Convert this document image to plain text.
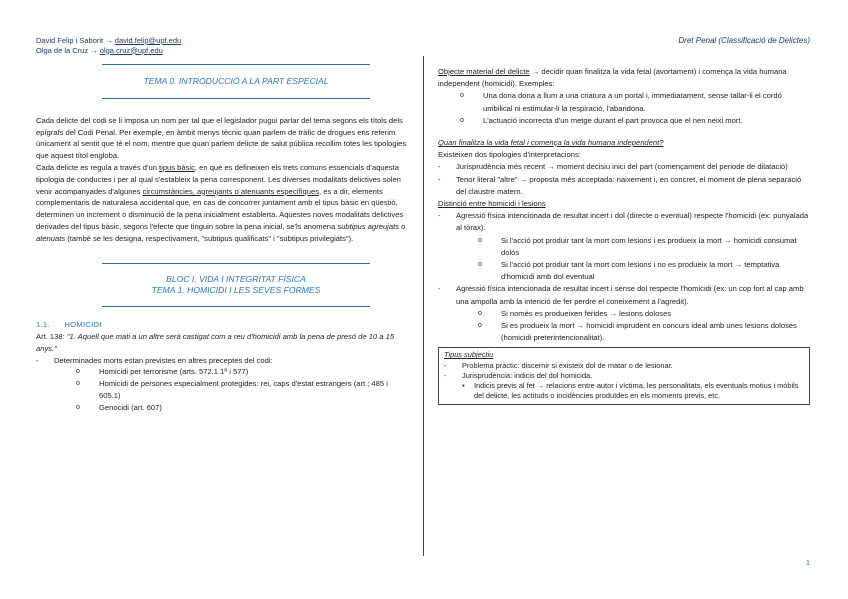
David Felip i Saborit → david.felip@upf.edu
Olga de la Cruz → olga.cruz@upf.edu
Dret Penal (Classificació de Delictes)
TEMA 0. INTRODUCCIÓ A LA PART ESPECIAL

Cada delicte del codi se li imposa un nom per tal que el legislador pugui parlar del tema segons els títols dels epígrafs del Codi Penal. Per exemple, en àmbit menys tècnic quan parlem de tràfic de drogues ens referim únicament al sentit que té el nom, mentre que quan parlem delicte de salut pública recollim totes les tipologies que aquest títol engloba.

Cada delicte es regula a través d'un tipus bàsic, en què es defineixen els trets comuns essencials d'aquesta tipologia de conductes i per al qual s'estableix la pena corresponent. Les diverses modalitats delictives solen venir acompanyades d'algunes circumstàncies, agreujants o atenuants específiques, es a dir, elements complementaris de naturalesa accidental que, en cas de concorrer juntament amb el tipus bàsic en qüestió, determinen un increment o disminució de la pena inicialment establerta. Aquestes noves modalitats delictives derivades del tipus bàsic, segons l'efecte que tinguin sobre la pena inicial, se'ls anomena subtipus agreujats o atenuats (també se les designa, respectivament, "subtipus qualificats" i "subtipus privilegiats").

BLOC I. VIDA I INTEGRITAT FÍSICA
TEMA 1. HOMICIDI I LES SEVES FORMES

1.1. HOMICIDI

Art. 138: "1. Aquell que mati a un altre serà castigat com a reu d'homicidi amb la pena de presó de 10 a 15 anys."

- Determinades morts estan previstes en altres preceptes del codi:
o Homicidi per terrorisme (arts. 572.1.1º i 577)
o Homicidi de persones especialment protegides: rei, caps d'estat estrangers (art.; 485 i 605.1)
o Genocidi (art. 607)

Objecte material del delicte → decidir quan finalitza la vida fetal (avortament) i comença la vida humana independent (homicidi). Exemples:

o Una dona dona a llum a una criatura a un portal i, immediatament, sense tallar-li el cordó umbilical ni estimular-li la respiració, l'abandona.
o L'actuació incorrecta d'un metge durant el part provoca que el nen neixi mort.

Quan finalitza la vida fetal i comença la vida humana independent?

Existeixen dos tipologies d'interpretacions:

- Jurisprudència més recent → moment decisiu inici del part (començament del periode de dilatació)
- Tenor literal "altre" → proposta més acceptada: naixement i, en concret, el moment de plena separació del claustre matern.

Distinció entre homicidi i lesions

- Agressió física intencionada de resultat incert i dol (directe o eventual) respecte l'homicidi (ex: punyalada al tòrax).
o Si l'acció pot produir tant la mort com lesions i es produeix la mort → homicidi consumat dolós
o Si l'acció pot produir tant la mort com lesions i no es produeix la mort → temptativa d'homicidi amb dol eventual
- Agressió física intencionada de resultat incert i sense dol respecte l'homicidi (ex: un cop fort al cap amb una ampolla amb la intenció de fer perdre el coneixement a l'agredit).
o Si només es produeixen ferides → lesions doloses
o Si es produeix la mort → homicidi imprudent en concurs ideal amb unes lesions doloses (homicidi preterintencionalitat).

Tipus subjectiu

- Problema pràctic: discernir si existeix dol de matar o de lesionar.
- Jurisprudència: indicis del dol homicida.
▪ Indicis previs al fet → relacions entre autor i víctima, les personalitats, els eventuals motius i mòbils del delicte, les actituds o incidències produïdes en els moments previs, etc.
1
